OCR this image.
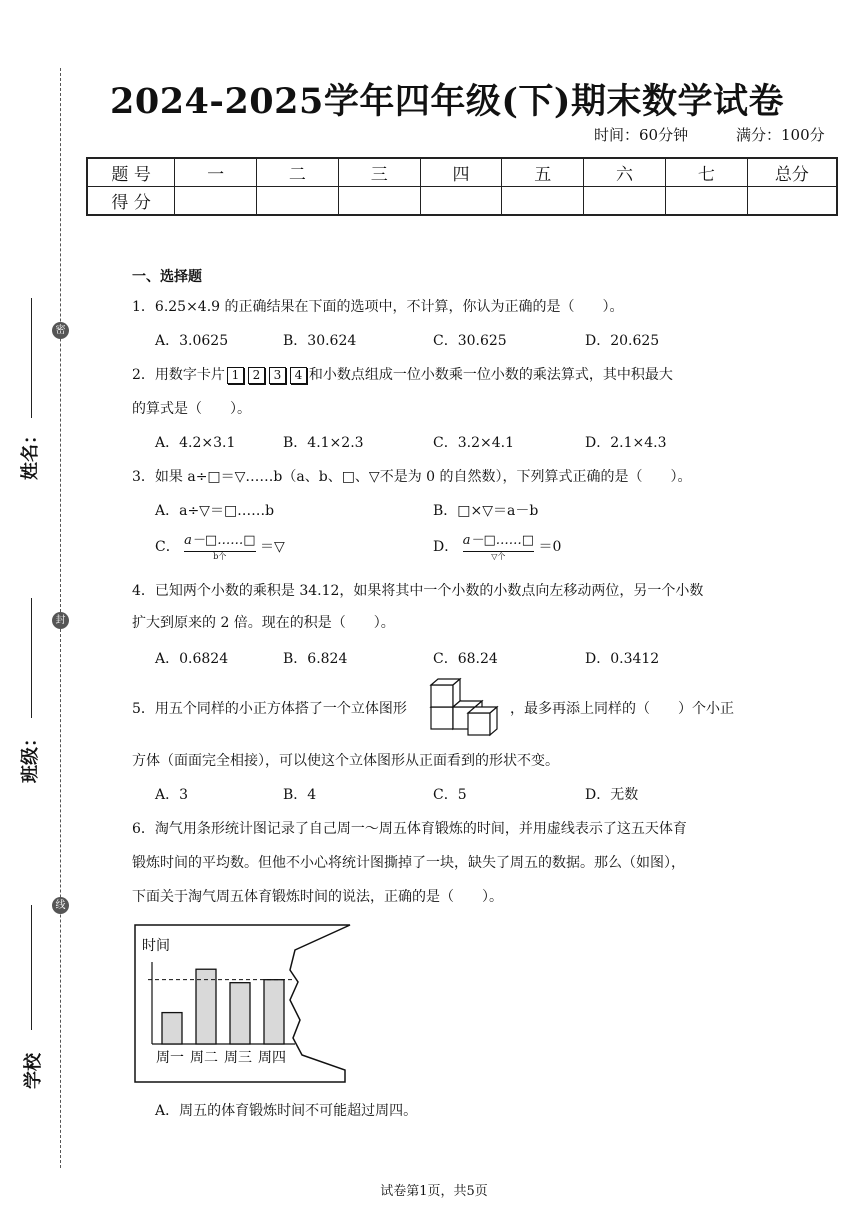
密
封
线
姓名：
班级：
学校
2024-2025学年四年级(下)期末数学试卷
时间：60分钟	满分：100分
题 号	一	二	三	四	五	六	七	总分
得 分								
一、选择题
1．6.25×4.9 的正确结果在下面的选项中，不计算，你认为正确的是（　　）。
A．3.0625	B．30.624	C．30.625	D．20.625
2．用数字卡片 1 2 3 4 和小数点组成一位小数乘一位小数的乘法算式，其中积最大
的算式是（　　）。
A．4.2×3.1	B．4.1×2.3	C．3.2×4.1	D．2.1×4.3
3．如果 a÷□＝▽……b（a、b、□、▽不是为 0 的自然数），下列算式正确的是（　　）。
A．a÷▽＝□……b	B．□×▽＝a－b
C． a－□……□
b个
＝▽	D． a－□……□
▽个
＝0
4．已知两个小数的乘积是 34.12，如果将其中一个小数的小数点向左移动两位，另一个小数
扩大到原来的 2 倍。现在的积是（　　）。
A．0.6824	B．6.824	C．68.24	D．0.3412
5．用五个同样的小正方体搭了一个立体图形	，最多再添上同样的（　　）个小正
方体（面面完全相接），可以使这个立体图形从正面看到的形状不变。
A．3	B．4	C．5	D．无数
6．淘气用条形统计图记录了自己周一～周五体育锻炼的时间，并用虚线表示了这五天体育
锻炼时间的平均数。但他不小心将统计图撕掉了一块，缺失了周五的数据。那么（如图），
下面关于淘气周五体育锻炼时间的说法，正确的是（　　）。
时间
周一 周二 周三 周四
A．周五的体育锻炼时间不可能超过周四。
试卷第1页，共5页
